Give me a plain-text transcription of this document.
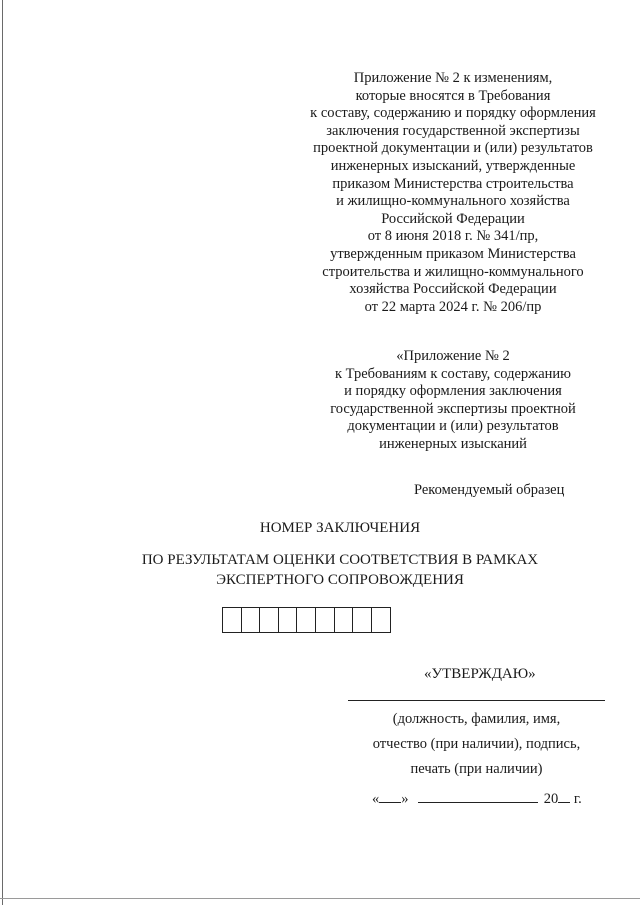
Приложение № 2 к изменениям,
которые вносятся в Требования
к составу, содержанию и порядку оформления
заключения государственной экспертизы
проектной документации и (или) результатов
инженерных изысканий, утвержденные
приказом Министерства строительства
и жилищно-коммунального хозяйства
Российской Федерации
от 8 июня 2018 г. № 341/пр,
утвержденным приказом Министерства
строительства и жилищно-коммунального
хозяйства Российской Федерации
от 22 марта 2024 г. № 206/пр
«Приложение № 2
к Требованиям к составу, содержанию
и порядку оформления заключения
государственной экспертизы проектной
документации и (или) результатов
инженерных изысканий
Рекомендуемый образец
НОМЕР ЗАКЛЮЧЕНИЯ
ПО РЕЗУЛЬТАТАМ ОЦЕНКИ СООТВЕТСТВИЯ В РАМКАХ
ЭКСПЕРТНОГО СОПРОВОЖДЕНИЯ
«УТВЕРЖДАЮ»
(должность, фамилия, имя,
отчество (при наличии), подпись,
печать (при наличии)
« »	20 г.
